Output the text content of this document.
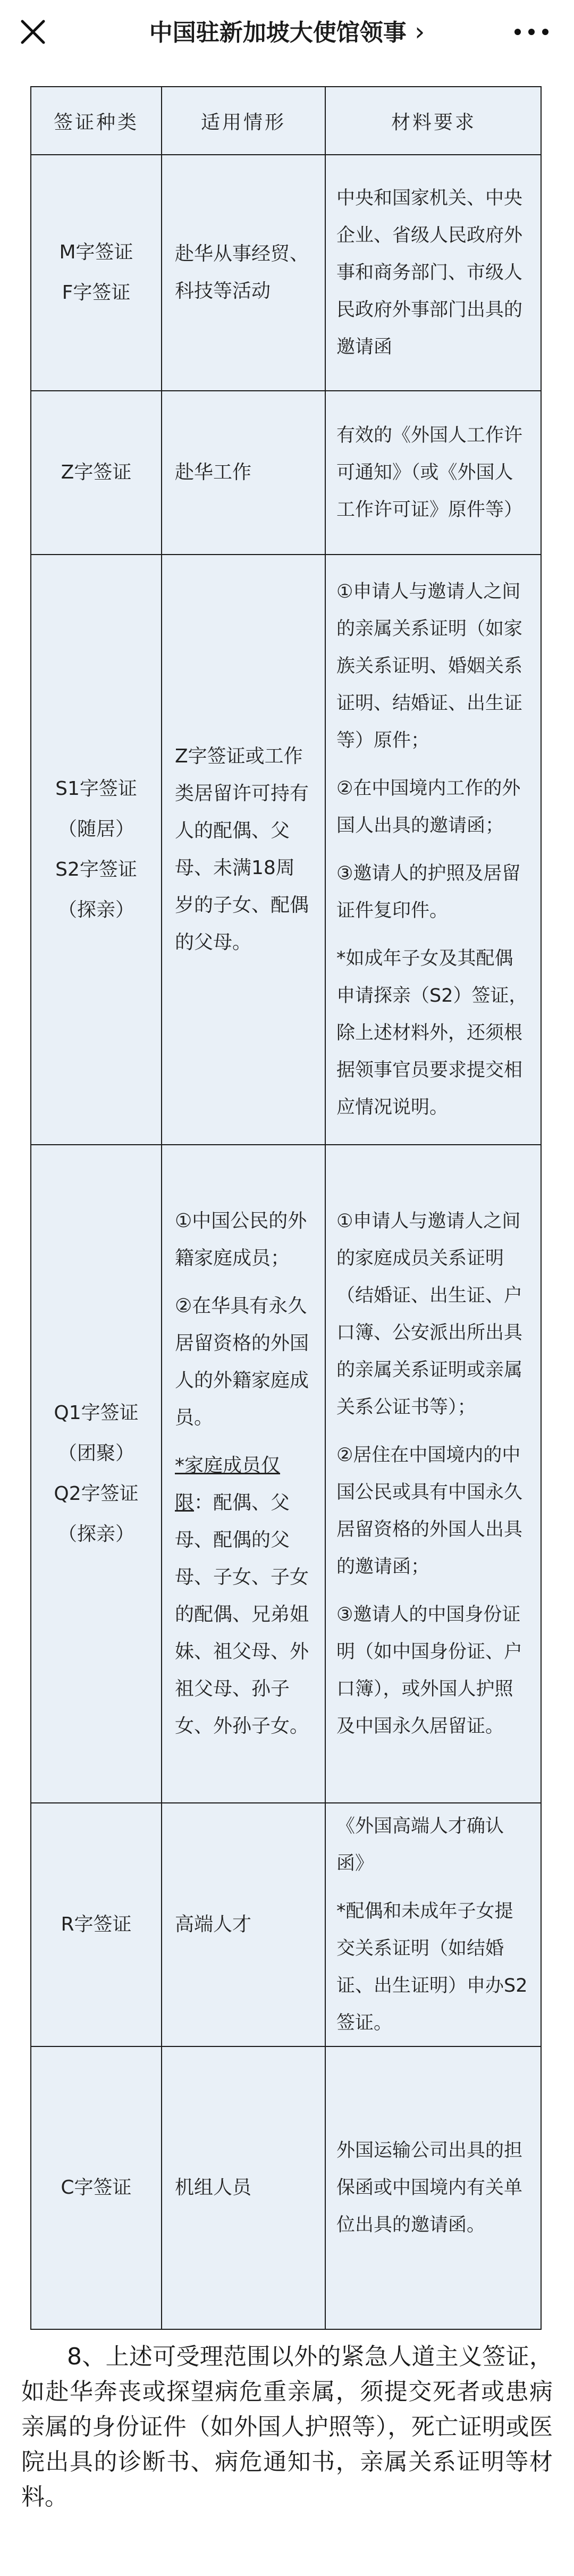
中国驻新加坡大使馆领事 ›
签证种类	适用情形	材料要求
M字签证
F字签证

赴华从事经贸、科技等活动

中央和国家机关、中央企业、省级人民政府外事和商务部门、市级人民政府外事部门出具的邀请函

Z字签证 赴华工作

有效的《外国人工作许可通知》（或《外国人工作许可证》原件等）

S1字签证
（随居）
S2字签证
（探亲）

Z字签证或工作类居留许可持有人的配偶、父母、未满18周岁的子女、配偶的父母。

①申请人与邀请人之间的亲属关系证明（如家族关系证明、婚姻关系证明、结婚证、出生证等）原件；

②在中国境内工作的外国人出具的邀请函；

③邀请人的护照及居留证件复印件。

*如成年子女及其配偶申请探亲（S2）签证，除上述材料外，还须根据领事官员要求提交相应情况说明。

Q1字签证
（团聚）
Q2字签证
（探亲）

①中国公民的外籍家庭成员；

②在华具有永久居留资格的外国人的外籍家庭成员。

*家庭成员仅限：配偶、父母、配偶的父母、子女、子女的配偶、兄弟姐妹、祖父母、外祖父母、孙子女、外孙子女。

①申请人与邀请人之间的家庭成员关系证明（结婚证、出生证、户口簿、公安派出所出具的亲属关系证明或亲属关系公证书等）；

②居住在中国境内的中国公民或具有中国永久居留资格的外国人出具的邀请函；

③邀请人的中国身份证明（如中国身份证、户口簿），或外国人护照及中国永久居留证。

R字签证 高端人才

《外国高端人才确认函》

*配偶和未成年子女提交关系证明（如结婚证、出生证明）申办S2签证。

C字签证 机组人员

外国运输公司出具的担保函或中国境内有关单位出具的邀请函。

8、上述可受理范围以外的紧急人道主义签证，如赴华奔丧或探望病危重亲属，须提交死者或患病亲属的身份证件（如外国人护照等），死亡证明或医院出具的诊断书、病危通知书，亲属关系证明等材料。
